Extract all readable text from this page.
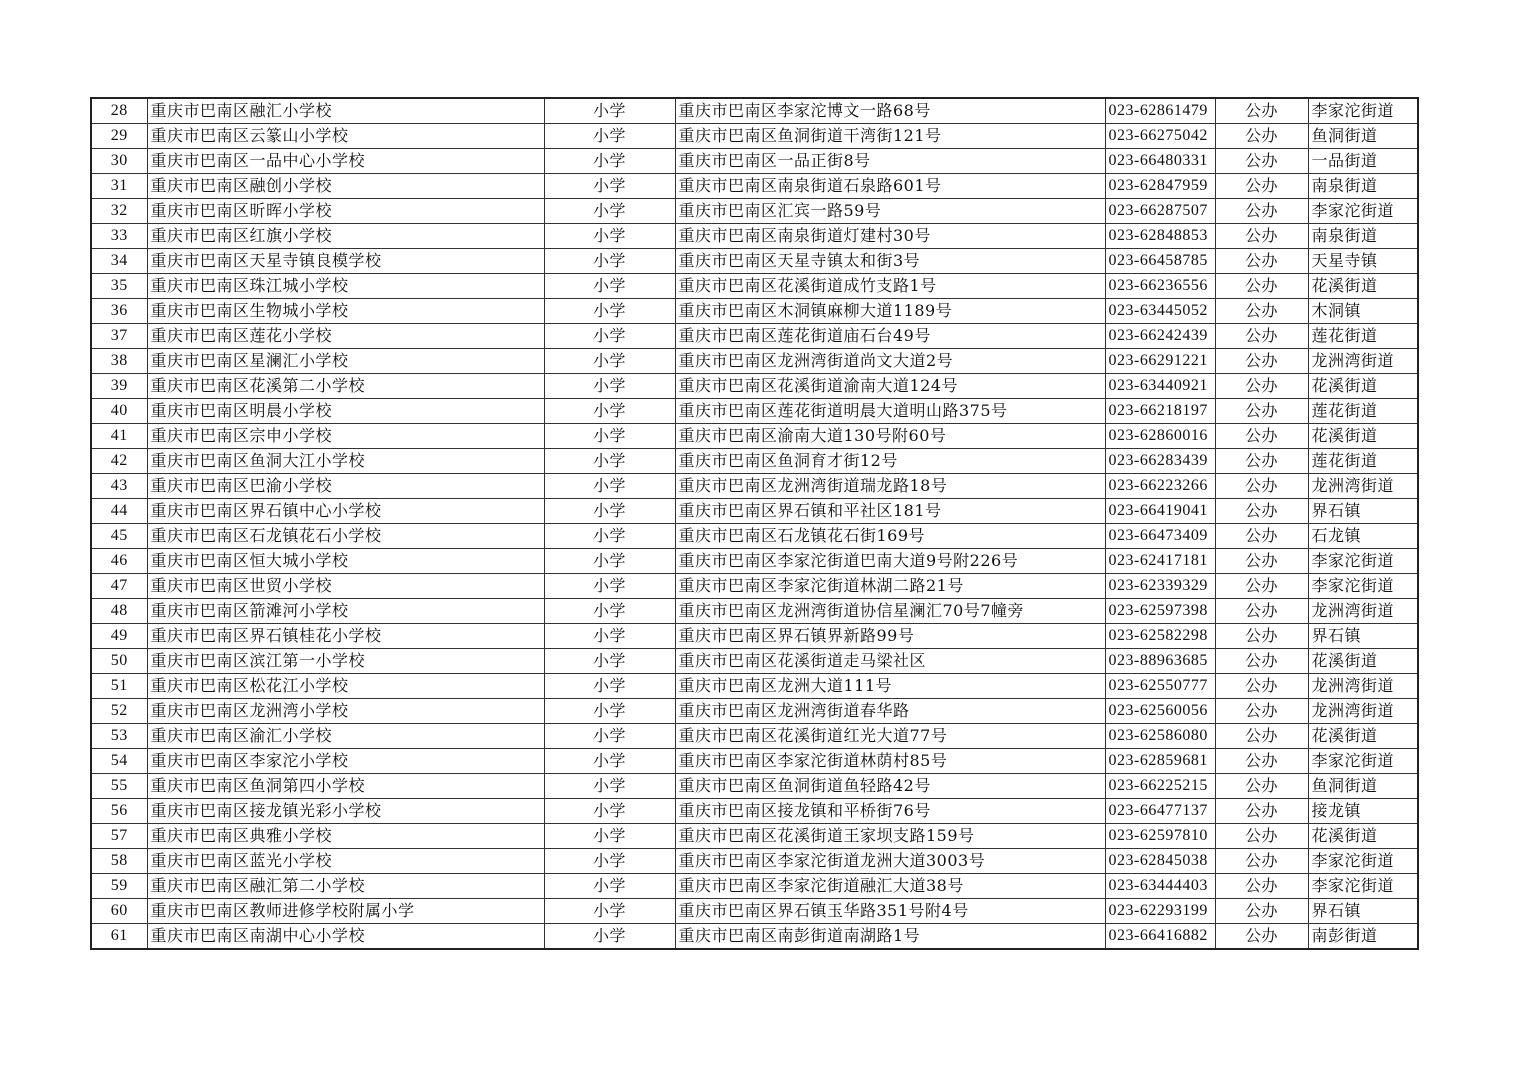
28	重庆市巴南区融汇小学校	小学	重庆市巴南区李家沱博文一路68号	023-62861479	公办	李家沱街道
29	重庆市巴南区云篆山小学校	小学	重庆市巴南区鱼洞街道干湾街121号	023-66275042	公办	鱼洞街道
30	重庆市巴南区一品中心小学校	小学	重庆市巴南区一品正街8号	023-66480331	公办	一品街道
31	重庆市巴南区融创小学校	小学	重庆市巴南区南泉街道石泉路601号	023-62847959	公办	南泉街道
32	重庆市巴南区昕晖小学校	小学	重庆市巴南区汇宾一路59号	023-66287507	公办	李家沱街道
33	重庆市巴南区红旗小学校	小学	重庆市巴南区南泉街道灯建村30号	023-62848853	公办	南泉街道
34	重庆市巴南区天星寺镇良模学校	小学	重庆市巴南区天星寺镇太和街3号	023-66458785	公办	天星寺镇
35	重庆市巴南区珠江城小学校	小学	重庆市巴南区花溪街道成竹支路1号	023-66236556	公办	花溪街道
36	重庆市巴南区生物城小学校	小学	重庆市巴南区木洞镇麻柳大道1189号	023-63445052	公办	木洞镇
37	重庆市巴南区莲花小学校	小学	重庆市巴南区莲花街道庙石台49号	023-66242439	公办	莲花街道
38	重庆市巴南区星澜汇小学校	小学	重庆市巴南区龙洲湾街道尚文大道2号	023-66291221	公办	龙洲湾街道
39	重庆市巴南区花溪第二小学校	小学	重庆市巴南区花溪街道渝南大道124号	023-63440921	公办	花溪街道
40	重庆市巴南区明晨小学校	小学	重庆市巴南区莲花街道明晨大道明山路375号	023-66218197	公办	莲花街道
41	重庆市巴南区宗申小学校	小学	重庆市巴南区渝南大道130号附60号	023-62860016	公办	花溪街道
42	重庆市巴南区鱼洞大江小学校	小学	重庆市巴南区鱼洞育才街12号	023-66283439	公办	莲花街道
43	重庆市巴南区巴渝小学校	小学	重庆市巴南区龙洲湾街道瑞龙路18号	023-66223266	公办	龙洲湾街道
44	重庆市巴南区界石镇中心小学校	小学	重庆市巴南区界石镇和平社区181号	023-66419041	公办	界石镇
45	重庆市巴南区石龙镇花石小学校	小学	重庆市巴南区石龙镇花石街169号	023-66473409	公办	石龙镇
46	重庆市巴南区恒大城小学校	小学	重庆市巴南区李家沱街道巴南大道9号附226号	023-62417181	公办	李家沱街道
47	重庆市巴南区世贸小学校	小学	重庆市巴南区李家沱街道林湖二路21号	023-62339329	公办	李家沱街道
48	重庆市巴南区箭滩河小学校	小学	重庆市巴南区龙洲湾街道协信星澜汇70号7幢旁	023-62597398	公办	龙洲湾街道
49	重庆市巴南区界石镇桂花小学校	小学	重庆市巴南区界石镇界新路99号	023-62582298	公办	界石镇
50	重庆市巴南区滨江第一小学校	小学	重庆市巴南区花溪街道走马梁社区	023-88963685	公办	花溪街道
51	重庆市巴南区松花江小学校	小学	重庆市巴南区龙洲大道111号	023-62550777	公办	龙洲湾街道
52	重庆市巴南区龙洲湾小学校	小学	重庆市巴南区龙洲湾街道春华路	023-62560056	公办	龙洲湾街道
53	重庆市巴南区渝汇小学校	小学	重庆市巴南区花溪街道红光大道77号	023-62586080	公办	花溪街道
54	重庆市巴南区李家沱小学校	小学	重庆市巴南区李家沱街道林荫村85号	023-62859681	公办	李家沱街道
55	重庆市巴南区鱼洞第四小学校	小学	重庆市巴南区鱼洞街道鱼轻路42号	023-66225215	公办	鱼洞街道
56	重庆市巴南区接龙镇光彩小学校	小学	重庆市巴南区接龙镇和平桥街76号	023-66477137	公办	接龙镇
57	重庆市巴南区典雅小学校	小学	重庆市巴南区花溪街道王家坝支路159号	023-62597810	公办	花溪街道
58	重庆市巴南区蓝光小学校	小学	重庆市巴南区李家沱街道龙洲大道3003号	023-62845038	公办	李家沱街道
59	重庆市巴南区融汇第二小学校	小学	重庆市巴南区李家沱街道融汇大道38号	023-63444403	公办	李家沱街道
60	重庆市巴南区教师进修学校附属小学	小学	重庆市巴南区界石镇玉华路351号附4号	023-62293199	公办	界石镇
61	重庆市巴南区南湖中心小学校	小学	重庆市巴南区南彭街道南湖路1号	023-66416882	公办	南彭街道
